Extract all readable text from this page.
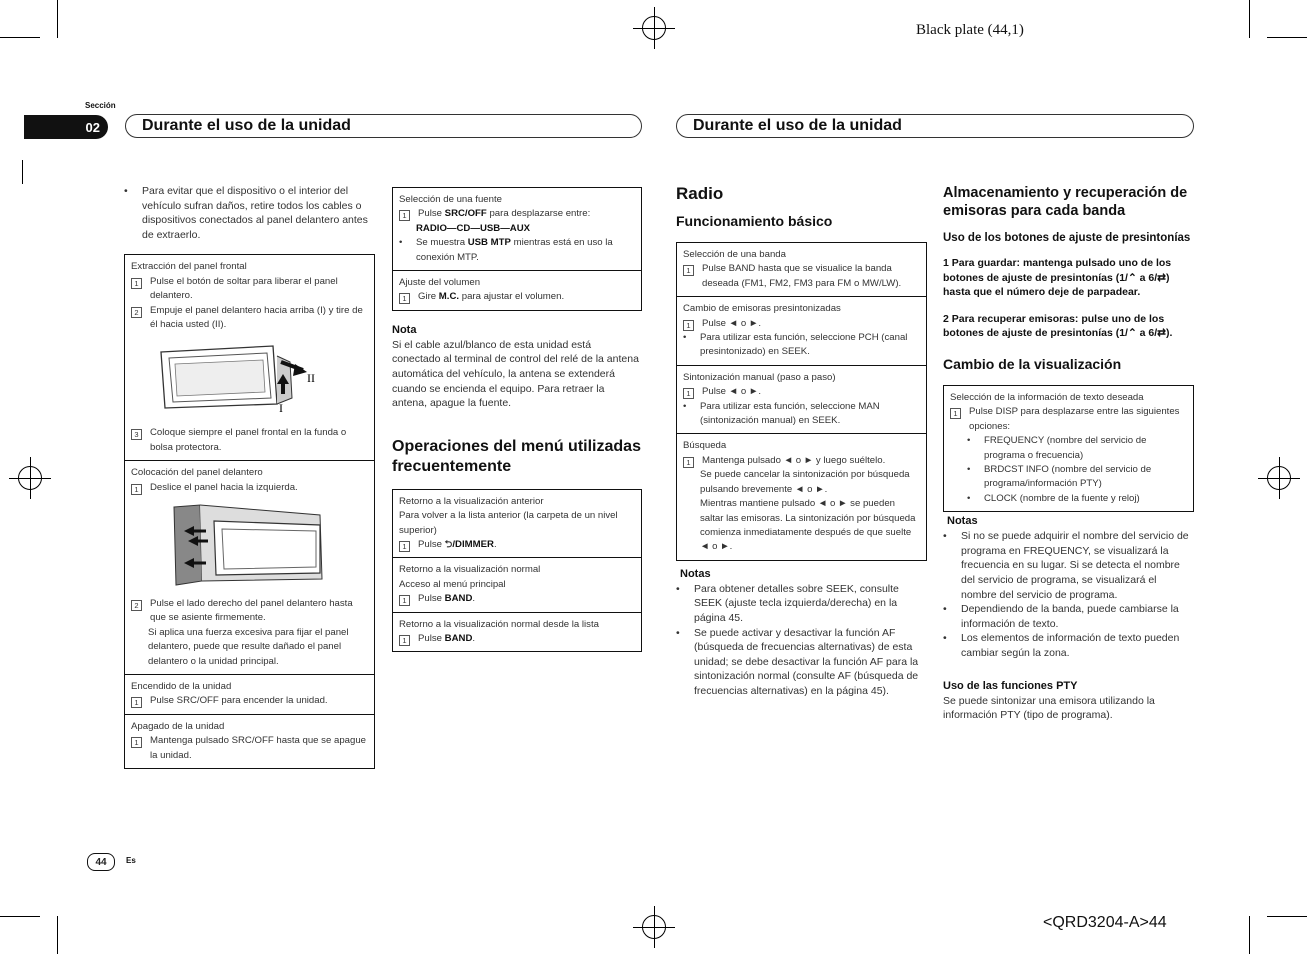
Black plate (44,1)
<QRD3204-A>44
Sección
02	Durante el uso de la unidad	Durante el uso de la unidad
•	Para evitar que el dispositivo o el interior del vehículo sufran daños, retire todos los cables o dispositivos conectados al panel delantero antes de extraerlo.
Extracción del panel frontal
1	Pulse el botón de soltar para liberar el panel delantero.
2	Empuje el panel delantero hacia arriba (I) y tire de él hacia usted (II).
II
I
3	Coloque siempre el panel frontal en la funda o bolsa protectora.
Colocación del panel delantero
1	Deslice el panel hacia la izquierda.
2	Pulse el lado derecho del panel delantero hasta que se asiente firmemente.
Si aplica una fuerza excesiva para fijar el panel delantero, puede que resulte dañado el panel delantero o la unidad principal.
Encendido de la unidad
1	Pulse SRC/OFF para encender la unidad.
Apagado de la unidad
1	Mantenga pulsado SRC/OFF hasta que se apague la unidad.
Selección de una fuente
1	Pulse SRC/OFF para desplazarse entre:
RADIO—CD—USB—AUX
•	Se muestra USB MTP mientras está en uso la conexión MTP.
Ajuste del volumen
1	Gire M.C. para ajustar el volumen.
Nota
Si el cable azul/blanco de esta unidad está conectado al terminal de control del relé de la antena automática del vehículo, la antena se extenderá cuando se encienda el equipo. Para retraer la antena, apague la fuente.
Operaciones del menú utilizadas frecuentemente
Retorno a la visualización anterior
Para volver a la lista anterior (la carpeta de un nivel superior)
1	Pulse ⮌/DIMMER.
Retorno a la visualización normal
Acceso al menú principal
1	Pulse BAND.
Retorno a la visualización normal desde la lista
1	Pulse BAND.
Radio
Funcionamiento básico
Selección de una banda
1	Pulse BAND hasta que se visualice la banda deseada (FM1, FM2, FM3 para FM o MW/LW).
Cambio de emisoras presintonizadas
1	Pulse ◄ o ►.
•	Para utilizar esta función, seleccione PCH (canal presintonizado) en SEEK.
Sintonización manual (paso a paso)
1	Pulse ◄ o ►.
•	Para utilizar esta función, seleccione MAN (sintonización manual) en SEEK.
Búsqueda
1	Mantenga pulsado ◄ o ► y luego suéltelo.
Se puede cancelar la sintonización por búsqueda pulsando brevemente ◄ o ►.
Mientras mantiene pulsado ◄ o ► se pueden saltar las emisoras. La sintonización por búsqueda comienza inmediatamente después de que suelte ◄ o ►.
Notas
•	Para obtener detalles sobre SEEK, consulte SEEK (ajuste tecla izquierda/derecha) en la página 45.
•	Se puede activar y desactivar la función AF (búsqueda de frecuencias alternativas) de esta unidad; se debe desactivar la función AF para la sintonización normal (consulte AF (búsqueda de frecuencias alternativas) en la página 45).
Almacenamiento y recuperación de emisoras para cada banda
Uso de los botones de ajuste de presintonías
1 Para guardar: mantenga pulsado uno de los botones de ajuste de presintonías (1/⌃ a 6/⇄) hasta que el número deje de parpadear.
2 Para recuperar emisoras: pulse uno de los botones de ajuste de presintonías (1/⌃ a 6/⇄).
Cambio de la visualización
Selección de la información de texto deseada
1	Pulse DISP para desplazarse entre las siguientes opciones:
•	FREQUENCY (nombre del servicio de programa o frecuencia)
•	BRDCST INFO (nombre del servicio de programa/información PTY)
•	CLOCK (nombre de la fuente y reloj)
Notas
•	Si no se puede adquirir el nombre del servicio de programa en FREQUENCY, se visualizará la frecuencia en su lugar. Si se detecta el nombre del servicio de programa, se visualizará el nombre del servicio de programa.
•	Dependiendo de la banda, puede cambiarse la información de texto.
•	Los elementos de información de texto pueden cambiar según la zona.
Uso de las funciones PTY
Se puede sintonizar una emisora utilizando la información PTY (tipo de programa).
44	Es
